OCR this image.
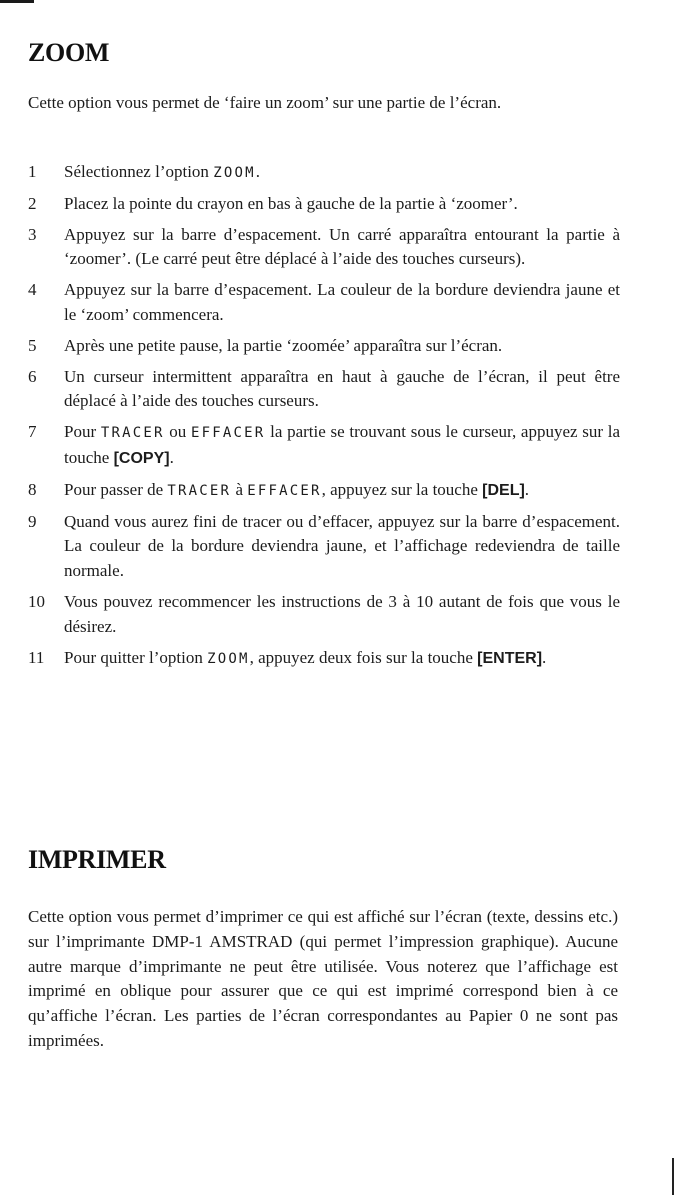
ZOOM

Cette option vous permet de ‘faire un zoom’ sur une partie de l’écran.

1	Sélectionnez l’option ZOOM.
2	Placez la pointe du crayon en bas à gauche de la partie à ‘zoomer’.
3	Appuyez sur la barre d’espacement. Un carré apparaîtra entourant la partie à ‘zoomer’. (Le carré peut être déplacé à l’aide des touches curseurs).
4	Appuyez sur la barre d’espacement. La couleur de la bordure deviendra jaune et le ‘zoom’ commencera.
5	Après une petite pause, la partie ‘zoomée’ apparaîtra sur l’écran.
6	Un curseur intermittent apparaîtra en haut à gauche de l’écran, il peut être déplacé à l’aide des touches curseurs.
7	Pour TRACER ou EFFACER la partie se trouvant sous le curseur, appuyez sur la touche [COPY].
8	Pour passer de TRACER à EFFACER, appuyez sur la touche [DEL].
9	Quand vous aurez fini de tracer ou d’effacer, appuyez sur la barre d’espacement. La couleur de la bordure deviendra jaune, et l’affichage redeviendra de taille normale.
10	Vous pouvez recommencer les instructions de 3 à 10 autant de fois que vous le désirez.
11	Pour quitter l’option ZOOM, appuyez deux fois sur la touche [ENTER].
IMPRIMER

Cette option vous permet d’imprimer ce qui est affiché sur l’écran (texte, dessins etc.) sur l’imprimante DMP-1 AMSTRAD (qui permet l’impression graphique). Aucune autre marque d’imprimante ne peut être utilisée. Vous noterez que l’affichage est imprimé en oblique pour assurer que ce qui est imprimé correspond bien à ce qu’affiche l’écran. Les parties de l’écran correspondantes au Papier 0 ne sont pas imprimées.
